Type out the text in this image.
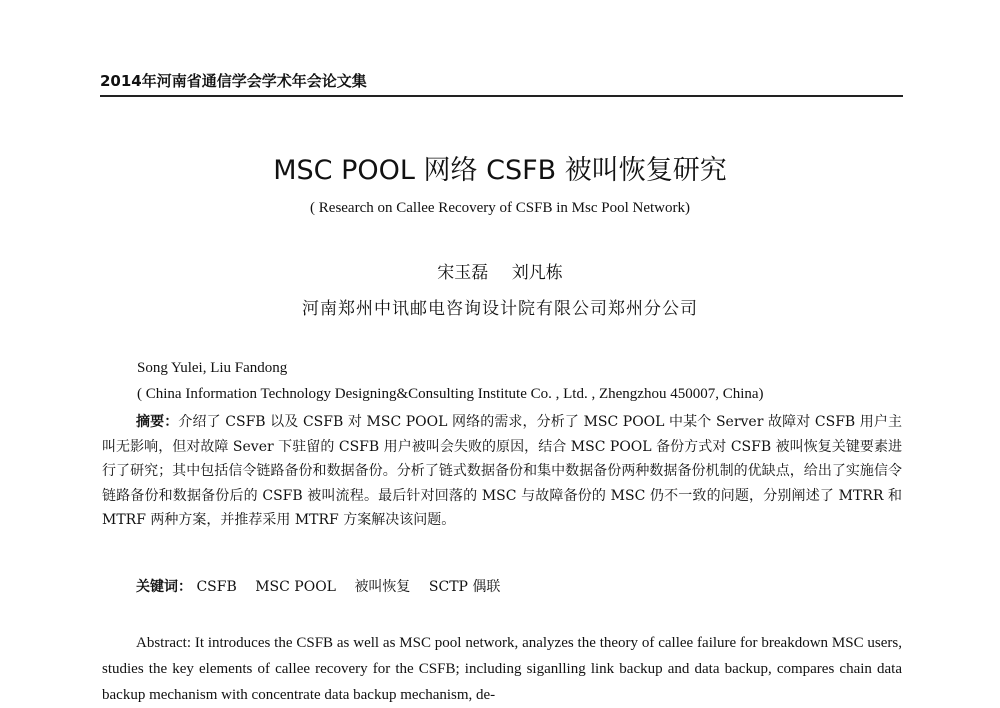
2014年河南省通信学会学术年会论文集
MSC POOL 网络 CSFB 被叫恢复研究
( Research on Callee Recovery of CSFB in Msc Pool Network)
宋玉磊 刘凡栋
河南郑州中讯邮电咨询设计院有限公司郑州分公司
Song Yulei, Liu Fandong
( China Information Technology Designing&Consulting Institute Co. , Ltd. , Zhengzhou 450007, China)
摘要：介绍了 CSFB 以及 CSFB 对 MSC POOL 网络的需求，分析了 MSC POOL 中某个 Server 故障对 CSFB 用户主叫无影响，但对故障 Sever 下驻留的 CSFB 用户被叫会失败的原因，结合 MSC POOL 备份方式对 CSFB 被叫恢复关键要素进行了研究；其中包括信令链路备份和数据备份。分析了链式数据备份和集中数据备份两种数据备份机制的优缺点，给出了实施信令链路备份和数据备份后的 CSFB 被叫流程。最后针对回落的 MSC 与故障备份的 MSC 仍不一致的问题，分别阐述了 MTRR 和 MTRF 两种方案，并推荐采用 MTRF 方案解决该问题。
关键词： CSFB MSC POOL 被叫恢复 SCTP 偶联
Abstract: It introduces the CSFB as well as MSC pool network, analyzes the theory of callee failure for breakdown MSC users, studies the key elements of callee recovery for the CSFB; including siganlling link backup and data backup, compares chain data backup mechanism with concentrate data backup mechanism, de-
